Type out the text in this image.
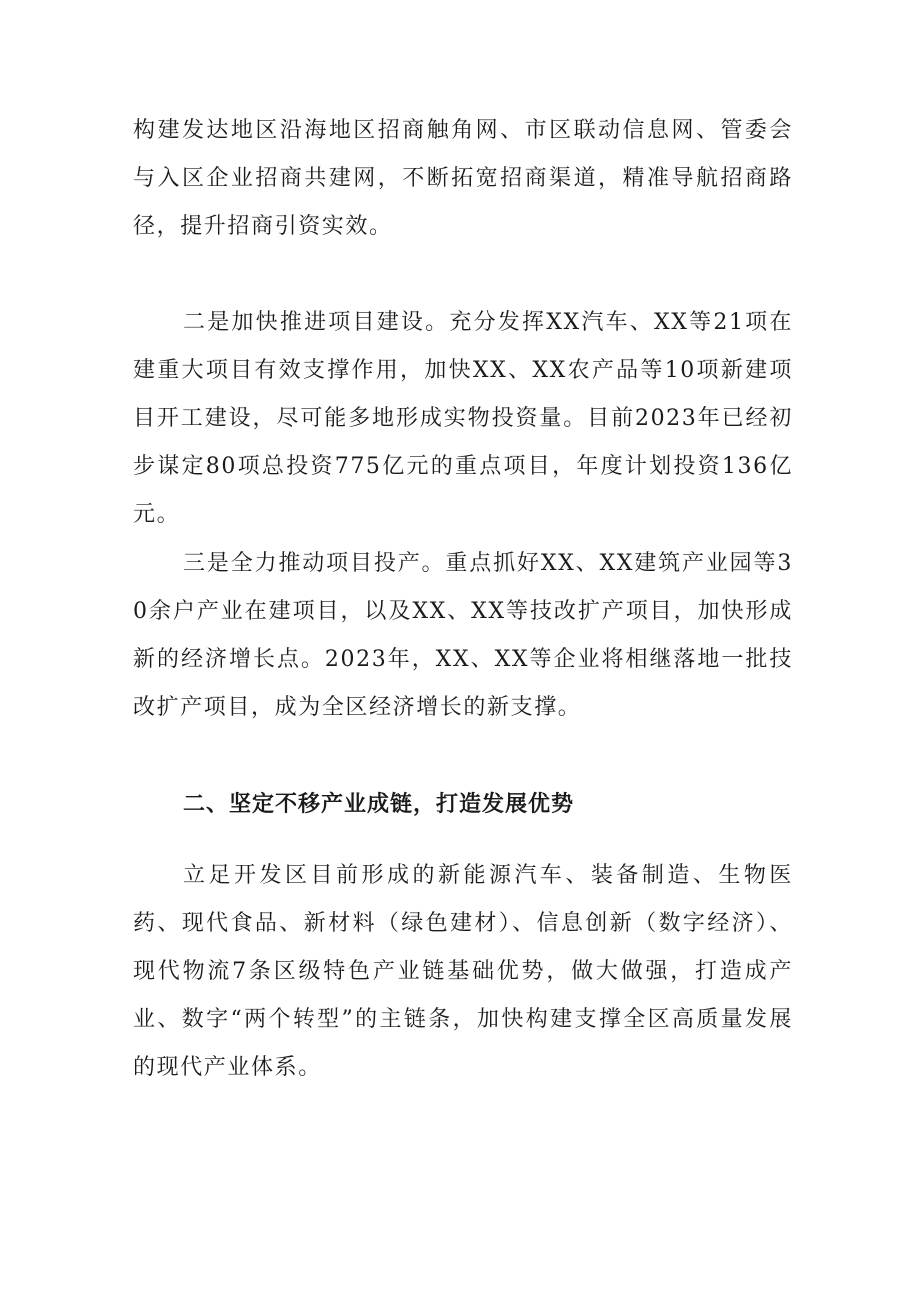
构建发达地区沿海地区招商触角网、市区联动信息网、管委会与入区企业招商共建网，不断拓宽招商渠道，精准导航招商路径，提升招商引资实效。

二是加快推进项目建设。充分发挥XX汽车、XX等21项在建重大项目有效支撑作用，加快XX、XX农产品等10项新建项目开工建设，尽可能多地形成实物投资量。目前2023年已经初步谋定80项总投资775亿元的重点项目，年度计划投资136亿元。

三是全力推动项目投产。重点抓好XX、XX建筑产业园等30余户产业在建项目，以及XX、XX等技改扩产项目，加快形成新的经济增长点。2023年，XX、XX等企业将相继落地一批技改扩产项目，成为全区经济增长的新支撑。

二、坚定不移产业成链，打造发展优势

立足开发区目前形成的新能源汽车、装备制造、生物医药、现代食品、新材料（绿色建材）、信息创新（数字经济）、现代物流7条区级特色产业链基础优势，做大做强，打造成产业、数字“两个转型”的主链条，加快构建支撑全区高质量发展的现代产业体系。
